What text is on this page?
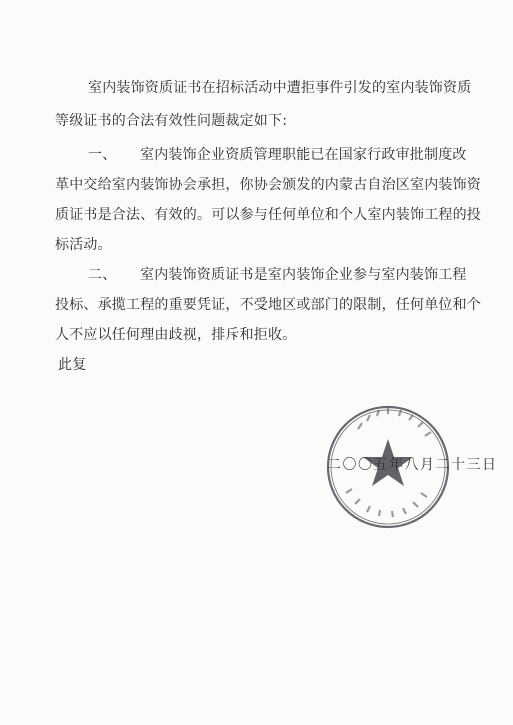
室内装饰资质证书在招标活动中遭拒事件引发的室内装饰资质
等级证书的合法有效性问题裁定如下:
一、 室内装饰企业资质管理职能已在国家行政审批制度改
革中交给室内装饰协会承担，你协会颁发的内蒙古自治区室内装饰资
质证书是合法、有效的。可以参与任何单位和个人室内装饰工程的投
标活动。
二、 室内装饰资质证书是室内装饰企业参与室内装饰工程
投标、承揽工程的重要凭证，不受地区或部门的限制，任何单位和个
人不应以任何理由歧视，排斥和拒收。
此复
二〇〇五年八月二十三日
